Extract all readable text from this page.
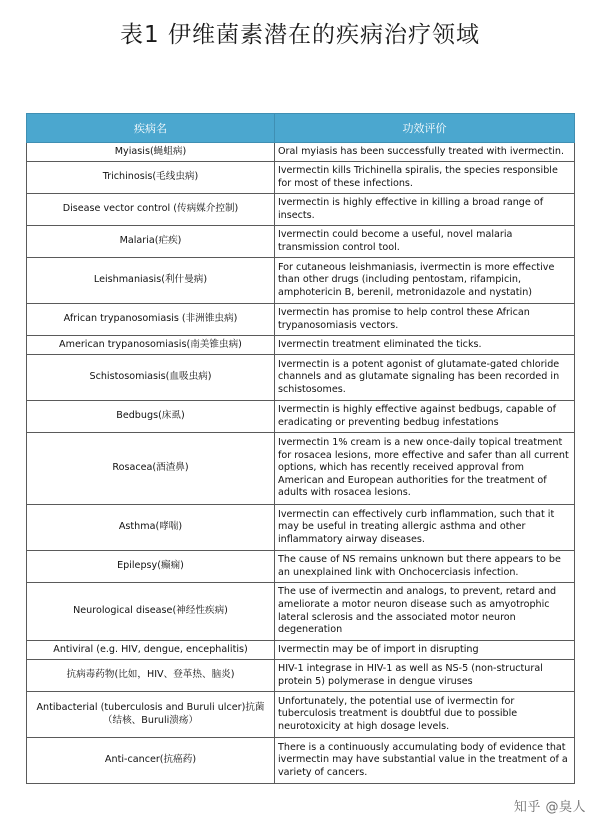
表1 伊维菌素潜在的疾病治疗领域
疾病名	功效评价
Myiasis(蝇蛆病)	Oral myiasis has been successfully treated with ivermectin.
Trichinosis(毛线虫病)	Ivermectin kills Trichinella spiralis, the species responsible for most of these infections.
Disease vector control (传病媒介控制)	Ivermectin is highly effective in killing a broad range of insects.
Malaria(疟疾)	Ivermectin could become a useful, novel malaria transmission control tool.
Leishmaniasis(利什曼病)	For cutaneous leishmaniasis, ivermectin is more effective than other drugs (including pentostam, rifampicin, amphotericin B, berenil, metronidazole and nystatin)
African trypanosomiasis (非洲锥虫病)	Ivermectin has promise to help control these African trypanosomiasis vectors.
American trypanosomiasis(南美锥虫病)	Ivermectin treatment eliminated the ticks.
Schistosomiasis(血吸虫病)	Ivermectin is a potent agonist of glutamate-gated chloride channels and as glutamate signaling has been recorded in schistosomes.
Bedbugs(床虱)	Ivermectin is highly effective against bedbugs, capable of eradicating or preventing bedbug infestations
Rosacea(酒渣鼻)	Ivermectin 1% cream is a new once-daily topical treatment for rosacea lesions, more effective and safer than all current options, which has recently received approval from American and European authorities for the treatment of adults with rosacea lesions.
Asthma(哮喘)	Ivermectin can effectively curb inflammation, such that it may be useful in treating allergic asthma and other inflammatory airway diseases.
Epilepsy(癫痫)	The cause of NS remains unknown but there appears to be an unexplained link with Onchocerciasis infection.
Neurological disease(神经性疾病)	The use of ivermectin and analogs, to prevent, retard and ameliorate a motor neuron disease such as amyotrophic lateral sclerosis and the associated motor neuron degeneration
Antiviral (e.g. HIV, dengue, encephalitis)	Ivermectin may be of import in disrupting
抗病毒药物(比如，HIV、登革热、脑炎)	HIV-1 integrase in HIV-1 as well as NS-5 (non-structural protein 5) polymerase in dengue viruses
Antibacterial (tuberculosis and Buruli ulcer)抗菌（结核、Buruli溃疡）	Unfortunately, the potential use of ivermectin for tuberculosis treatment is doubtful due to possible neurotoxicity at high dosage levels.
Anti-cancer(抗癌药)	There is a continuously accumulating body of evidence that ivermectin may have substantial value in the treatment of a variety of cancers.
知乎 @臭人
